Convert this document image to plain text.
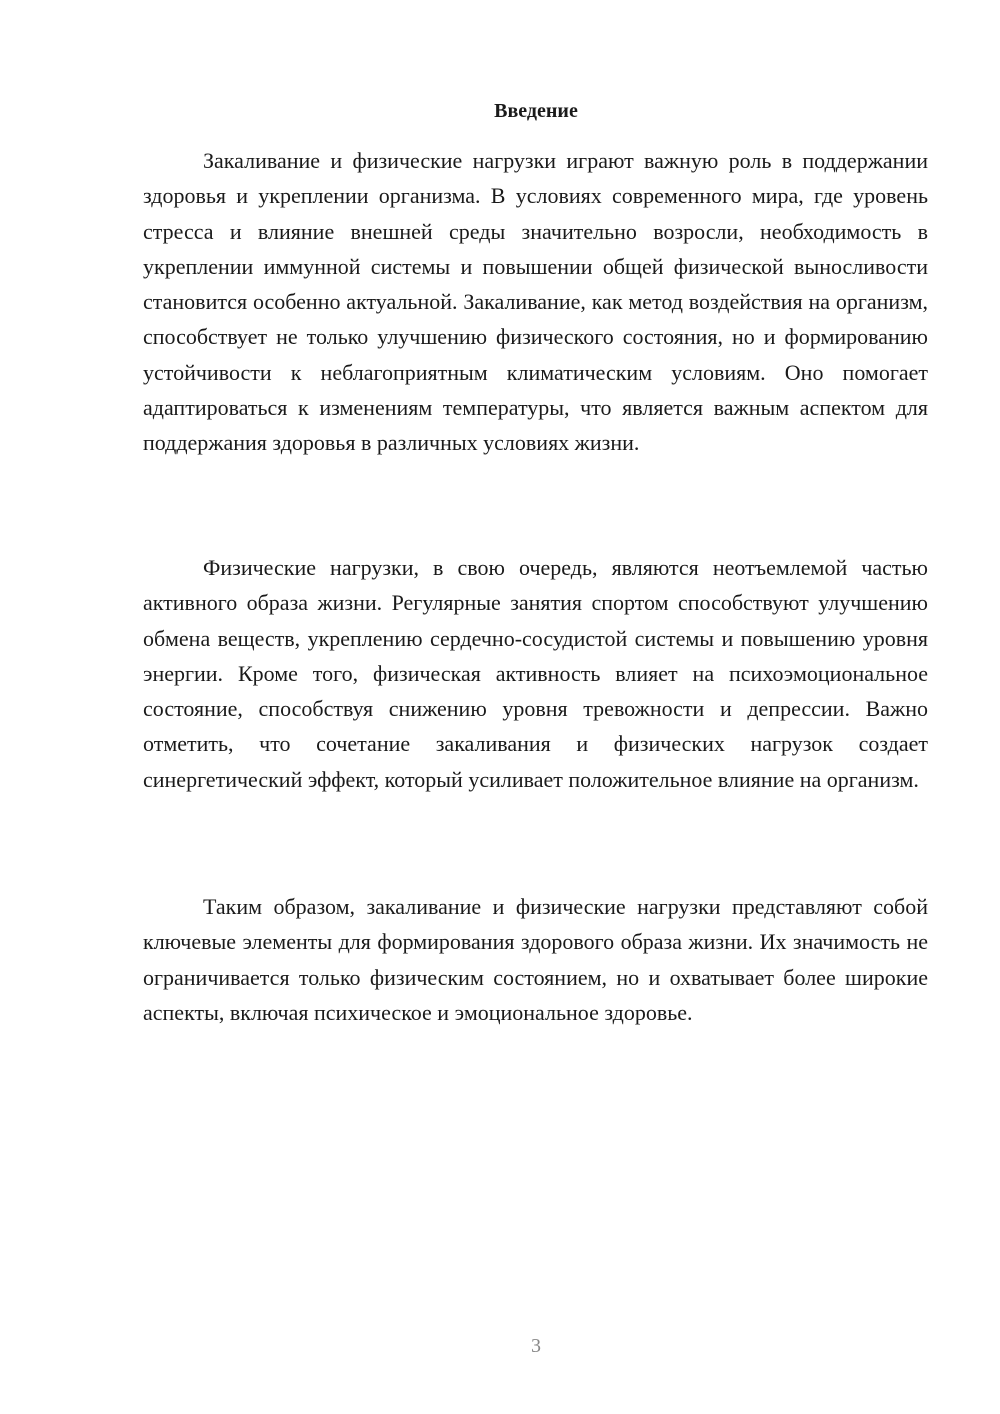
Введение

Закаливание и физические нагрузки играют важную роль в поддержании здоровья и укреплении организма. В условиях современного мира, где уровень стресса и влияние внешней среды значительно возросли, необходимость в укреплении иммунной системы и повышении общей физической выносливости становится особенно актуальной. Закаливание, как метод воздействия на организм, способствует не только улучшению физического состояния, но и формированию устойчивости к неблагоприятным климатическим условиям. Оно помогает адаптироваться к изменениям температуры, что является важным аспектом для поддержания здоровья в различных условиях жизни.

Физические нагрузки, в свою очередь, являются неотъемлемой частью активного образа жизни. Регулярные занятия спортом способствуют улучшению обмена веществ, укреплению сердечно-сосудистой системы и повышению уровня энергии. Кроме того, физическая активность влияет на психоэмоциональное состояние, способствуя снижению уровня тревожности и депрессии. Важно отметить, что сочетание закаливания и физических нагрузок создает синергетический эффект, который усиливает положительное влияние на организм.

Таким образом, закаливание и физические нагрузки представляют собой ключевые элементы для формирования здорового образа жизни. Их значимость не ограничивается только физическим состоянием, но и охватывает более широкие аспекты, включая психическое и эмоциональное здоровье.

3
